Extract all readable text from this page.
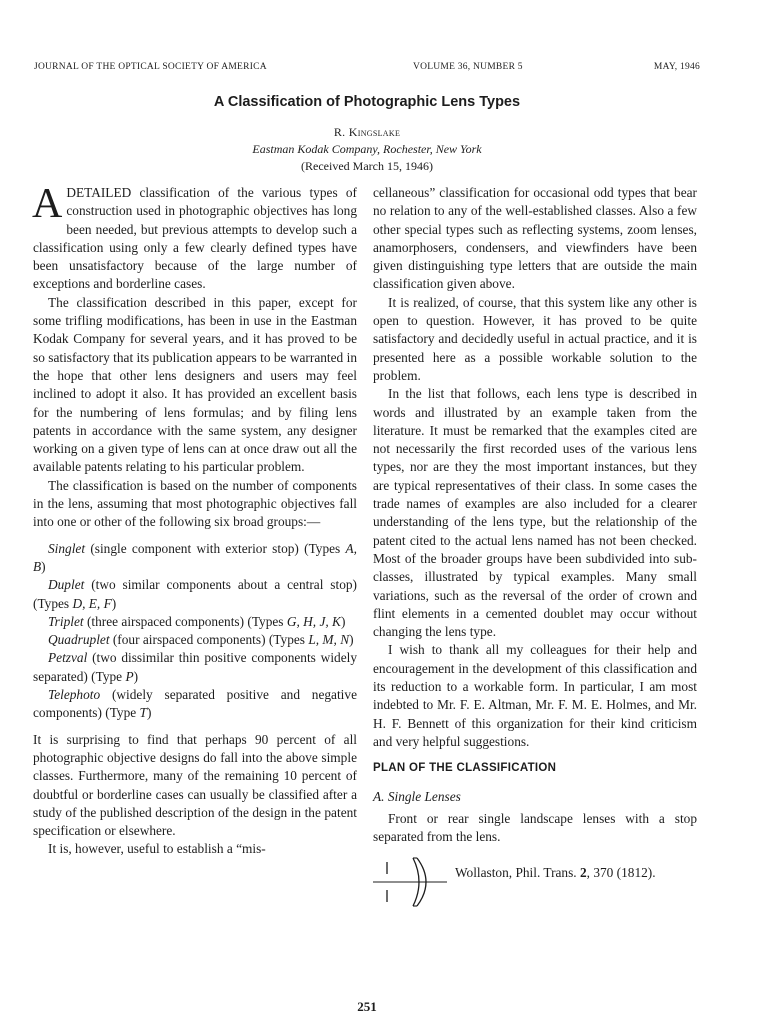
JOURNAL OF THE OPTICAL SOCIETY OF AMERICA	VOLUME 36, NUMBER 5	MAY, 1946
A Classification of Photographic Lens Types
R. Kingslake
Eastman Kodak Company, Rochester, New York
(Received March 15, 1946)

ADETAILED classification of the various types of construction used in photographic objectives has long been needed, but previous attempts to develop such a classification using only a few clearly defined types have been unsatisfactory because of the large number of exceptions and borderline cases.

The classification described in this paper, except for some trifling modifications, has been in use in the Eastman Kodak Company for several years, and it has proved to be so satisfactory that its publication appears to be warranted in the hope that other lens designers and users may feel inclined to adopt it also. It has provided an excellent basis for the numbering of lens formulas; and by filing lens patents in accordance with the same system, any designer working on a given type of lens can at once draw out all the available patents relating to his particular problem.

The classification is based on the number of components in the lens, assuming that most photographic objectives fall into one or other of the following six broad groups:—

Singlet (single component with exterior stop) (Types A, B)

Duplet (two similar components about a central stop) (Types D, E, F)

Triplet (three airspaced components) (Types G, H, J, K)

Quadruplet (four airspaced components) (Types L, M, N)

Petzval (two dissimilar thin positive components widely separated) (Type P)

Telephoto (widely separated positive and negative components) (Type T)

It is surprising to find that perhaps 90 percent of all photographic objective designs do fall into the above simple classes. Furthermore, many of the remaining 10 percent of doubtful or borderline cases can usually be classified after a study of the published description of the design in the patent specification or elsewhere.

It is, however, useful to establish a “mis-

cellaneous” classification for occasional odd types that bear no relation to any of the well-established classes. Also a few other special types such as reflecting systems, zoom lenses, anamorphosers, condensers, and viewfinders have been given distinguishing type letters that are outside the main classification given above.

It is realized, of course, that this system like any other is open to question. However, it has proved to be quite satisfactory and decidedly useful in actual practice, and it is presented here as a possible workable solution to the problem.

In the list that follows, each lens type is described in words and illustrated by an example taken from the literature. It must be remarked that the examples cited are not necessarily the first recorded uses of the various lens types, nor are they the most important instances, but they are typical representatives of their class. In some cases the trade names of examples are also included for a clearer understanding of the lens type, but the relationship of the patent cited to the actual lens named has not been checked. Most of the broader groups have been subdivided into sub-classes, illustrated by typical examples. Many small variations, such as the reversal of the order of crown and flint elements in a cemented doublet may occur without changing the lens type.

I wish to thank all my colleagues for their help and encouragement in the development of this classification and its reduction to a workable form. In particular, I am most indebted to Mr. F. E. Altman, Mr. F. M. E. Holmes, and Mr. H. F. Bennett of this organization for their kind criticism and very helpful suggestions.

PLAN OF THE CLASSIFICATION

A. Single Lenses

Front or rear single landscape lenses with a stop separated from the lens.

Wollaston, Phil. Trans. 2, 370 (1812).
251
